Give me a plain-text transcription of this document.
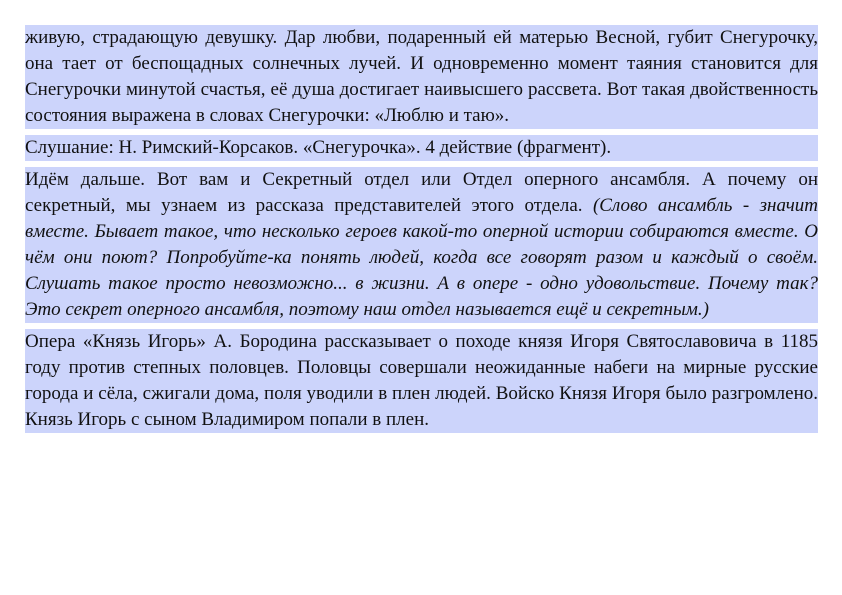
живую, страдающую девушку. Дар любви, подаренный ей матерью Весной, губит Снегурочку, она тает от беспощадных солнечных лучей. И одновременно момент таяния становится для Снегурочки минутой счастья, её душа достигает наивысшего рассвета. Вот такая двойственность состояния выражена в словах Снегурочки: «Люблю и таю».

Слушание: Н. Римский-Корсаков. «Снегурочка». 4 действие (фрагмент).

Идём дальше. Вот вам и Секретный отдел или Отдел оперного ансамбля. А почему он секретный, мы узнаем из рассказа представителей этого отдела. (Слово ансамбль - значит вместе. Бывает такое, что несколько героев какой-то оперной истории собираются вместе. О чём они поют? Попробуйте-ка понять людей, когда все говорят разом и каждый о своём. Слушать такое просто невозможно... в жизни. А в опере - одно удовольствие. Почему так? Это секрет оперного ансамбля, поэтому наш отдел называется ещё и секретным.)

Опера «Князь Игорь» А. Бородина рассказывает о походе князя Игоря Святославовича в 1185 году против степных половцев. Половцы совершали неожиданные набеги на мирные русские города и сёла, сжигали дома, поля уводили в плен людей. Войско Князя Игоря было разгромлено. Князь Игорь с сыном Владимиром попали в плен.
